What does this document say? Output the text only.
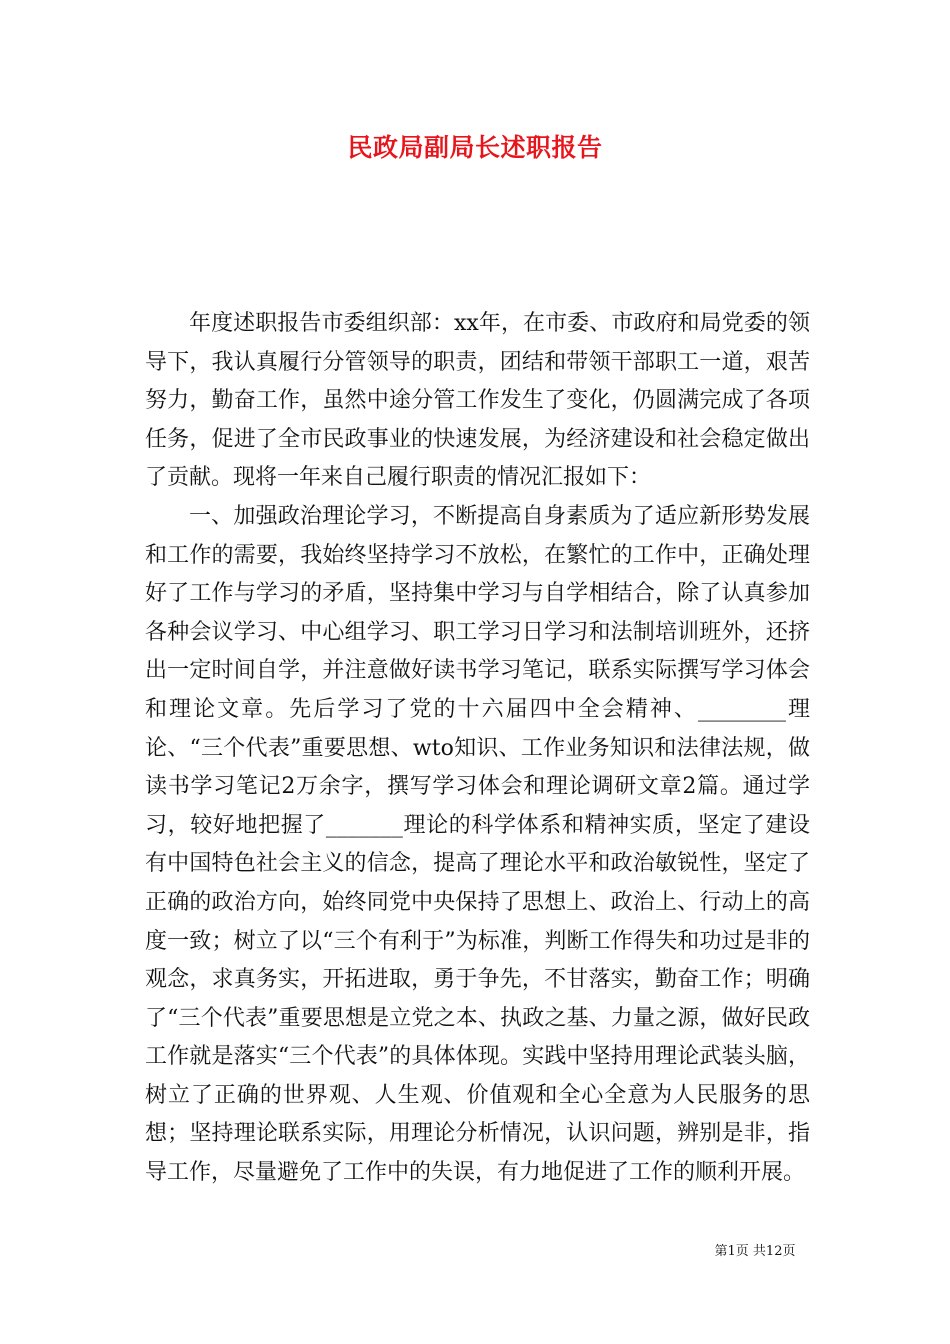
民政局副局长述职报告

年度述职报告市委组织部：xx年，在市委、市政府和局党委的领导下，我认真履行分管领导的职责，团结和带领干部职工一道，艰苦努力，勤奋工作，虽然中途分管工作发生了变化，仍圆满完成了各项任务，促进了全市民政事业的快速发展，为经济建设和社会稳定做出了贡献。现将一年来自己履行职责的情况汇报如下：

一、加强政治理论学习，不断提高自身素质为了适应新形势发展和工作的需要，我始终坚持学习不放松，在繁忙的工作中，正确处理好了工作与学习的矛盾，坚持集中学习与自学相结合，除了认真参加各种会议学习、中心组学习、职工学习日学习和法制培训班外，还挤出一定时间自学，并注意做好读书学习笔记，联系实际撰写学习体会和理论文章。先后学习了党的十六届四中全会精神、________理论、“三个代表”重要思想、wto知识、工作业务知识和法律法规，做读书学习笔记2万余字，撰写学习体会和理论调研文章2篇。通过学习，较好地把握了_______理论的科学体系和精神实质，坚定了建设有中国特色社会主义的信念，提高了理论水平和政治敏锐性，坚定了正确的政治方向，始终同党中央保持了思想上、政治上、行动上的高度一致；树立了以“三个有利于”为标准，判断工作得失和功过是非的观念，求真务实，开拓进取，勇于争先，不甘落实，勤奋工作；明确了“三个代表”重要思想是立党之本、执政之基、力量之源，做好民政工作就是落实“三个代表”的具体体现。实践中坚持用理论武装头脑，树立了正确的世界观、人生观、价值观和全心全意为人民服务的思想；坚持理论联系实际，用理论分析情况，认识问题，辨别是非，指导工作，尽量避免了工作中的失误，有力地促进了工作的顺利开展。

第1页 共12页
